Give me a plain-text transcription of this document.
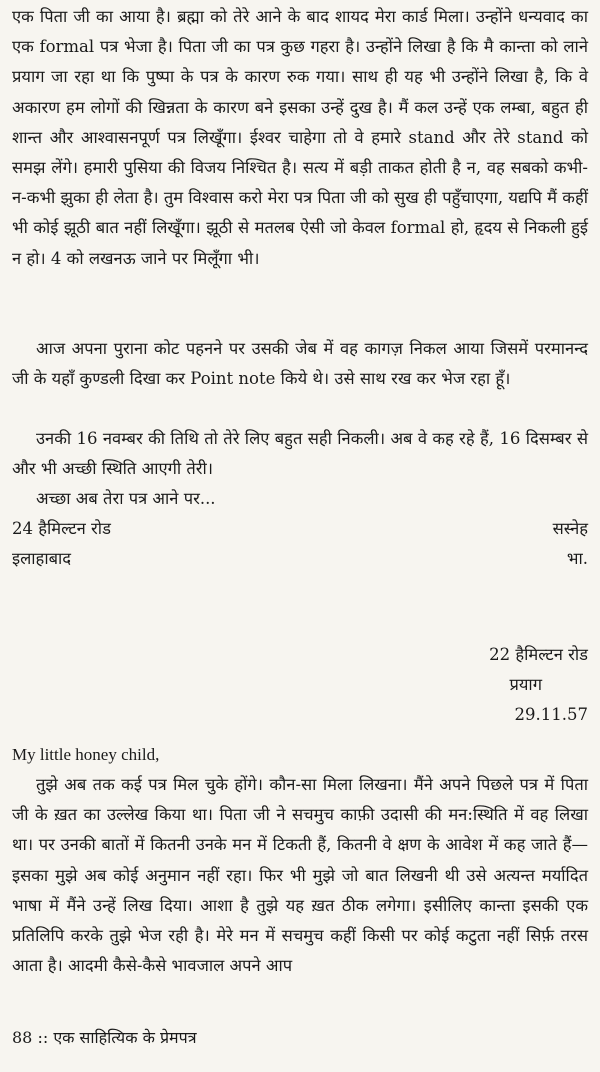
एक पिता जी का आया है। ब्रह्मा को तेरे आने के बाद शायद मेरा कार्ड मिला। उन्होंने धन्यवाद का एक formal पत्र भेजा है। पिता जी का पत्र कुछ गहरा है। उन्होंने लिखा है कि मै कान्ता को लाने प्रयाग जा रहा था कि पुष्पा के पत्र के कारण रुक गया। साथ ही यह भी उन्होंने लिखा है, कि वे अकारण हम लोगों की खिन्नता के कारण बने इसका उन्हें दुख है। मैं कल उन्हें एक लम्बा, बहुत ही शान्त और आश्वासनपूर्ण पत्र लिखूँगा। ईश्वर चाहेगा तो वे हमारे stand और तेरे stand को समझ लेंगे। हमारी पुसिया की विजय निश्चित है। सत्य में बड़ी ताकत होती है न, वह सबको कभी-न-कभी झुका ही लेता है। तुम विश्वास करो मेरा पत्र पिता जी को सुख ही पहुँचाएगा, यद्यपि मैं कहीं भी कोई झूठी बात नहीं लिखूँगा। झूठी से मतलब ऐसी जो केवल formal हो, हृदय से निकली हुई न हो। 4 को लखनऊ जाने पर मिलूँगा भी।

आज अपना पुराना कोट पहनने पर उसकी जेब में वह कागज़ निकल आया जिसमें परमानन्द जी के यहाँ कुण्डली दिखा कर Point note किये थे। उसे साथ रख कर भेज रहा हूँ।

उनकी 16 नवम्बर की तिथि तो तेरे लिए बहुत सही निकली। अब वे कह रहे हैं, 16 दिसम्बर से और भी अच्छी स्थिति आएगी तेरी।

अच्छा अब तेरा पत्र आने पर...

24 हैमिल्टन रोड	सस्नेह
इलाहाबाद	भा.
22 हैमिल्टन रोड
प्रयाग
29.11.57
My little honey child,

तुझे अब तक कई पत्र मिल चुके होंगे। कौन-सा मिला लिखना। मैंने अपने पिछले पत्र में पिता जी के ख़त का उल्लेख किया था। पिता जी ने सचमुच काफ़ी उदासी की मन:स्थिति में वह लिखा था। पर उनकी बातों में कितनी उनके मन में टिकती हैं, कितनी वे क्षण के आवेश में कह जाते हैं—इसका मुझे अब कोई अनुमान नहीं रहा। फिर भी मुझे जो बात लिखनी थी उसे अत्यन्त मर्यादित भाषा में मैंने उन्हें लिख दिया। आशा है तुझे यह ख़त ठीक लगेगा। इसीलिए कान्ता इसकी एक प्रतिलिपि करके तुझे भेज रही है। मेरे मन में सचमुच कहीं किसी पर कोई कटुता नहीं सिर्फ़ तरस आता है। आदमी कैसे-कैसे भावजाल अपने आप

88 :: एक साहित्यिक के प्रेमपत्र
